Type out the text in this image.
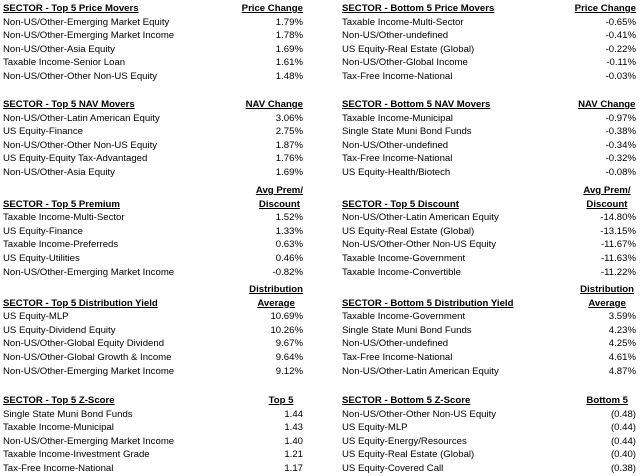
SECTOR - Top 5 Price Movers	Price Change
Non-US/Other-Emerging Market Equity	1.79%
Non-US/Other-Emerging Market Income	1.78%
Non-US/Other-Asia Equity	1.69%
Taxable Income-Senior Loan	1.61%
Non-US/Other-Other Non-US Equity	1.48%
SECTOR - Bottom 5 Price Movers	Price Change
Taxable Income-Multi-Sector	-0.65%
Non-US/Other-undefined	-0.41%
US Equity-Real Estate (Global)	-0.22%
Non-US/Other-Global Income	-0.11%
Tax-Free Income-National	-0.03%
SECTOR - Top 5 NAV Movers	NAV Change
Non-US/Other-Latin American Equity	3.06%
US Equity-Finance	2.75%
Non-US/Other-Other Non-US Equity	1.87%
US Equity-Equity Tax-Advantaged	1.76%
Non-US/Other-Asia Equity	1.69%
SECTOR - Bottom 5 NAV Movers	NAV Change
Taxable Income-Municipal	-0.97%
Single State Muni Bond Funds	-0.38%
Non-US/Other-undefined	-0.34%
Tax-Free Income-National	-0.32%
US Equity-Health/Biotech	-0.08%
SECTOR - Top 5 Premium
Avg Prem/
Discount
Taxable Income-Multi-Sector	1.52%
US Equity-Finance	1.33%
Taxable Income-Preferreds	0.63%
US Equity-Utilities	0.46%
Non-US/Other-Emerging Market Income	-0.82%
SECTOR - Top 5 Discount
Avg Prem/
Discount
Non-US/Other-Latin American Equity	-14.80%
US Equity-Real Estate (Global)	-13.15%
Non-US/Other-Other Non-US Equity	-11.67%
Taxable Income-Government	-11.63%
Taxable Income-Convertible	-11.22%
SECTOR - Top 5 Distribution Yield
Distribution
Average
US Equity-MLP	10.69%
US Equity-Dividend Equity	10.26%
Non-US/Other-Global Equity Dividend	9.67%
Non-US/Other-Global Growth & Income	9.64%
Non-US/Other-Emerging Market Income	9.12%
SECTOR - Bottom 5 Distribution Yield
Distribution
Average
Taxable Income-Government	3.59%
Single State Muni Bond Funds	4.23%
Non-US/Other-undefined	4.25%
Tax-Free Income-National	4.61%
Non-US/Other-Latin American Equity	4.87%
SECTOR - Top 5 Z-Score	Top 5
Single State Muni Bond Funds	1.44
Taxable Income-Municipal	1.43
Non-US/Other-Emerging Market Income	1.40
Taxable Income-Investment Grade	1.21
Tax-Free Income-National	1.17
SECTOR - Bottom 5 Z-Score	Bottom 5
Non-US/Other-Other Non-US Equity	(0.48)
US Equity-MLP	(0.44)
US Equity-Energy/Resources	(0.44)
US Equity-Real Estate (Global)	(0.40)
US Equity-Covered Call	(0.38)
